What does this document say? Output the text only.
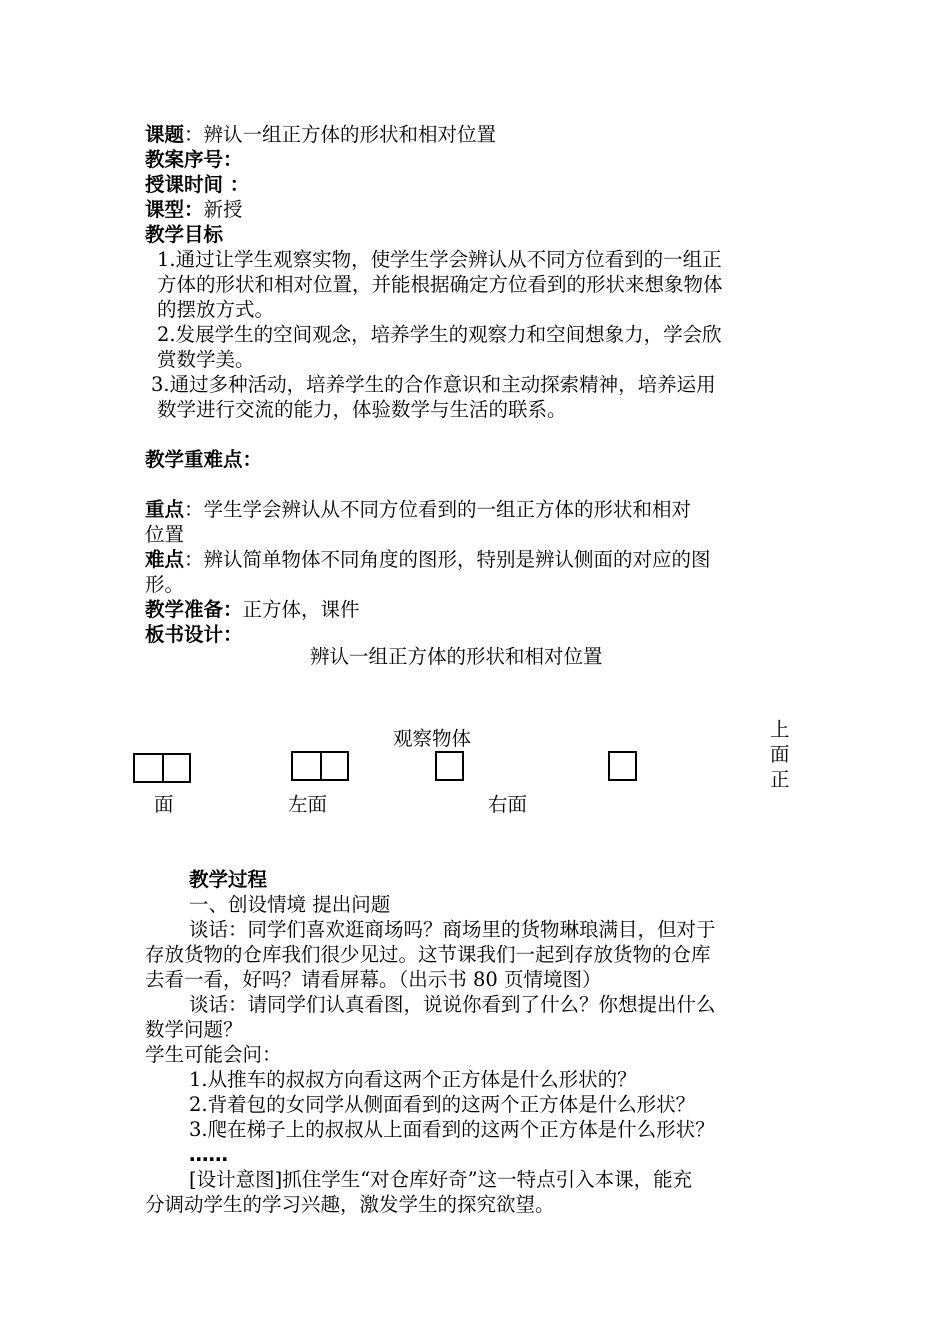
课题：辨认一组正方体的形状和相对位置
教案序号：
授课时间 ：
课型：新授
教学目标
1.通过让学生观察实物，使学生学会辨认从不同方位看到的一组正
方体的形状和相对位置，并能根据确定方位看到的形状来想象物体
的摆放方式。
2.发展学生的空间观念，培养学生的观察力和空间想象力，学会欣
赏数学美。
3.通过多种活动，培养学生的合作意识和主动探索精神，培养运用
数学进行交流的能力，体验数学与生活的联系。
教学重难点：
重点：学生学会辨认从不同方位看到的一组正方体的形状和相对
位置
难点：辨认简单物体不同角度的图形，特别是辨认侧面的对应的图
形。
教学准备：正方体，课件
板书设计：
辨认一组正方体的形状和相对位置
观察物体	上
面
正
面	左面	右面
教学过程
一、创设情境 提出问题
谈话：同学们喜欢逛商场吗？商场里的货物琳琅满目，但对于
存放货物的仓库我们很少见过。这节课我们一起到存放货物的仓库
去看一看，好吗？请看屏幕。（出示书 80 页情境图）
谈话：请同学们认真看图，说说你看到了什么？你想提出什么
数学问题？
学生可能会问：
1.从推车的叔叔方向看这两个正方体是什么形状的？
2.背着包的女同学从侧面看到的这两个正方体是什么形状？
3.爬在梯子上的叔叔从上面看到的这两个正方体是什么形状？
……
[设计意图]抓住学生“对仓库好奇”这一特点引入本课，能充
分调动学生的学习兴趣，激发学生的探究欲望。
